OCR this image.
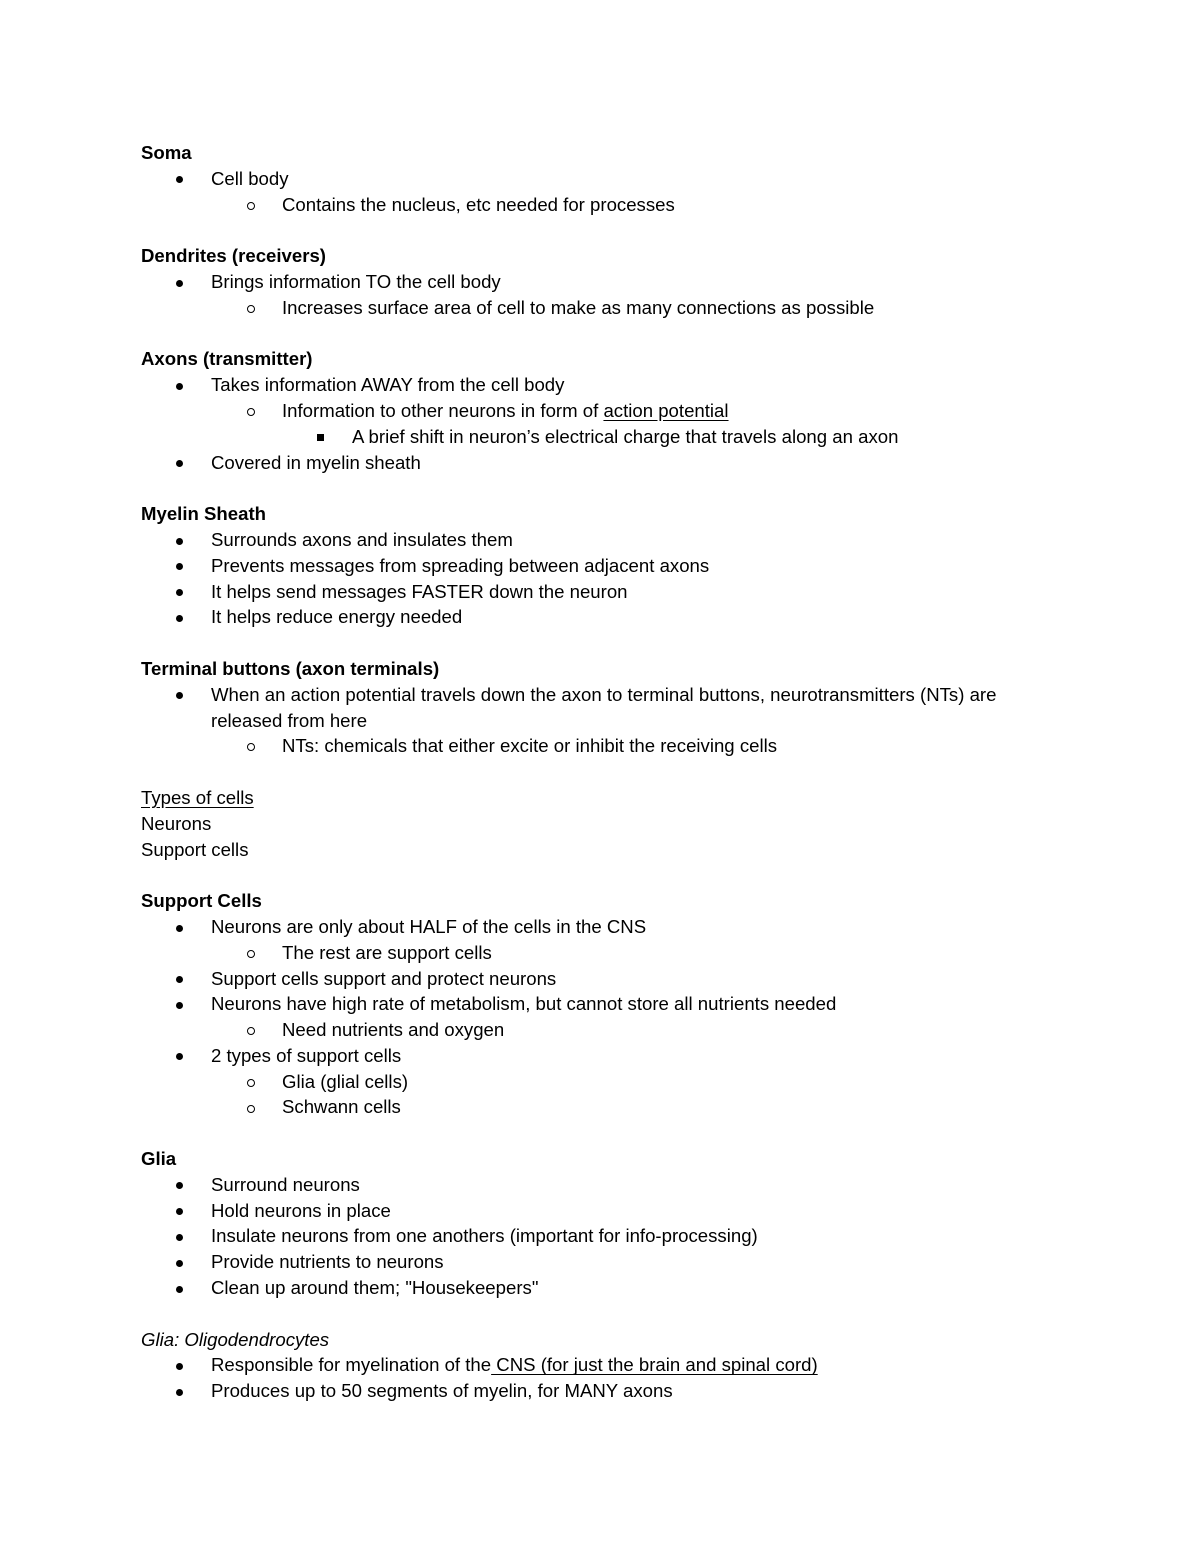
Soma
Cell body
Contains the nucleus, etc needed for processes
Dendrites (receivers)
Brings information TO the cell body
Increases surface area of cell to make as many connections as possible
Axons (transmitter)
Takes information AWAY from the cell body
Information to other neurons in form of action potential
A brief shift in neuron’s electrical charge that travels along an axon
Covered in myelin sheath
Myelin Sheath
Surrounds axons and insulates them
Prevents messages from spreading between adjacent axons
It helps send messages FASTER down the neuron
It helps reduce energy needed
Terminal buttons (axon terminals)
When an action potential travels down the axon to terminal buttons, neurotransmitters (NTs) are released from here
NTs: chemicals that either excite or inhibit the receiving cells
Types of cells
Neurons
Support cells
Support Cells
Neurons are only about HALF of the cells in the CNS
The rest are support cells
Support cells support and protect neurons
Neurons have high rate of metabolism, but cannot store all nutrients needed
Need nutrients and oxygen
2 types of support cells
Glia (glial cells)
Schwann cells
Glia
Surround neurons
Hold neurons in place
Insulate neurons from one anothers (important for info-processing)
Provide nutrients to neurons
Clean up around them; "Housekeepers"
Glia: Oligodendrocytes
Responsible for myelination of the CNS (for just the brain and spinal cord)
Produces up to 50 segments of myelin, for MANY axons
